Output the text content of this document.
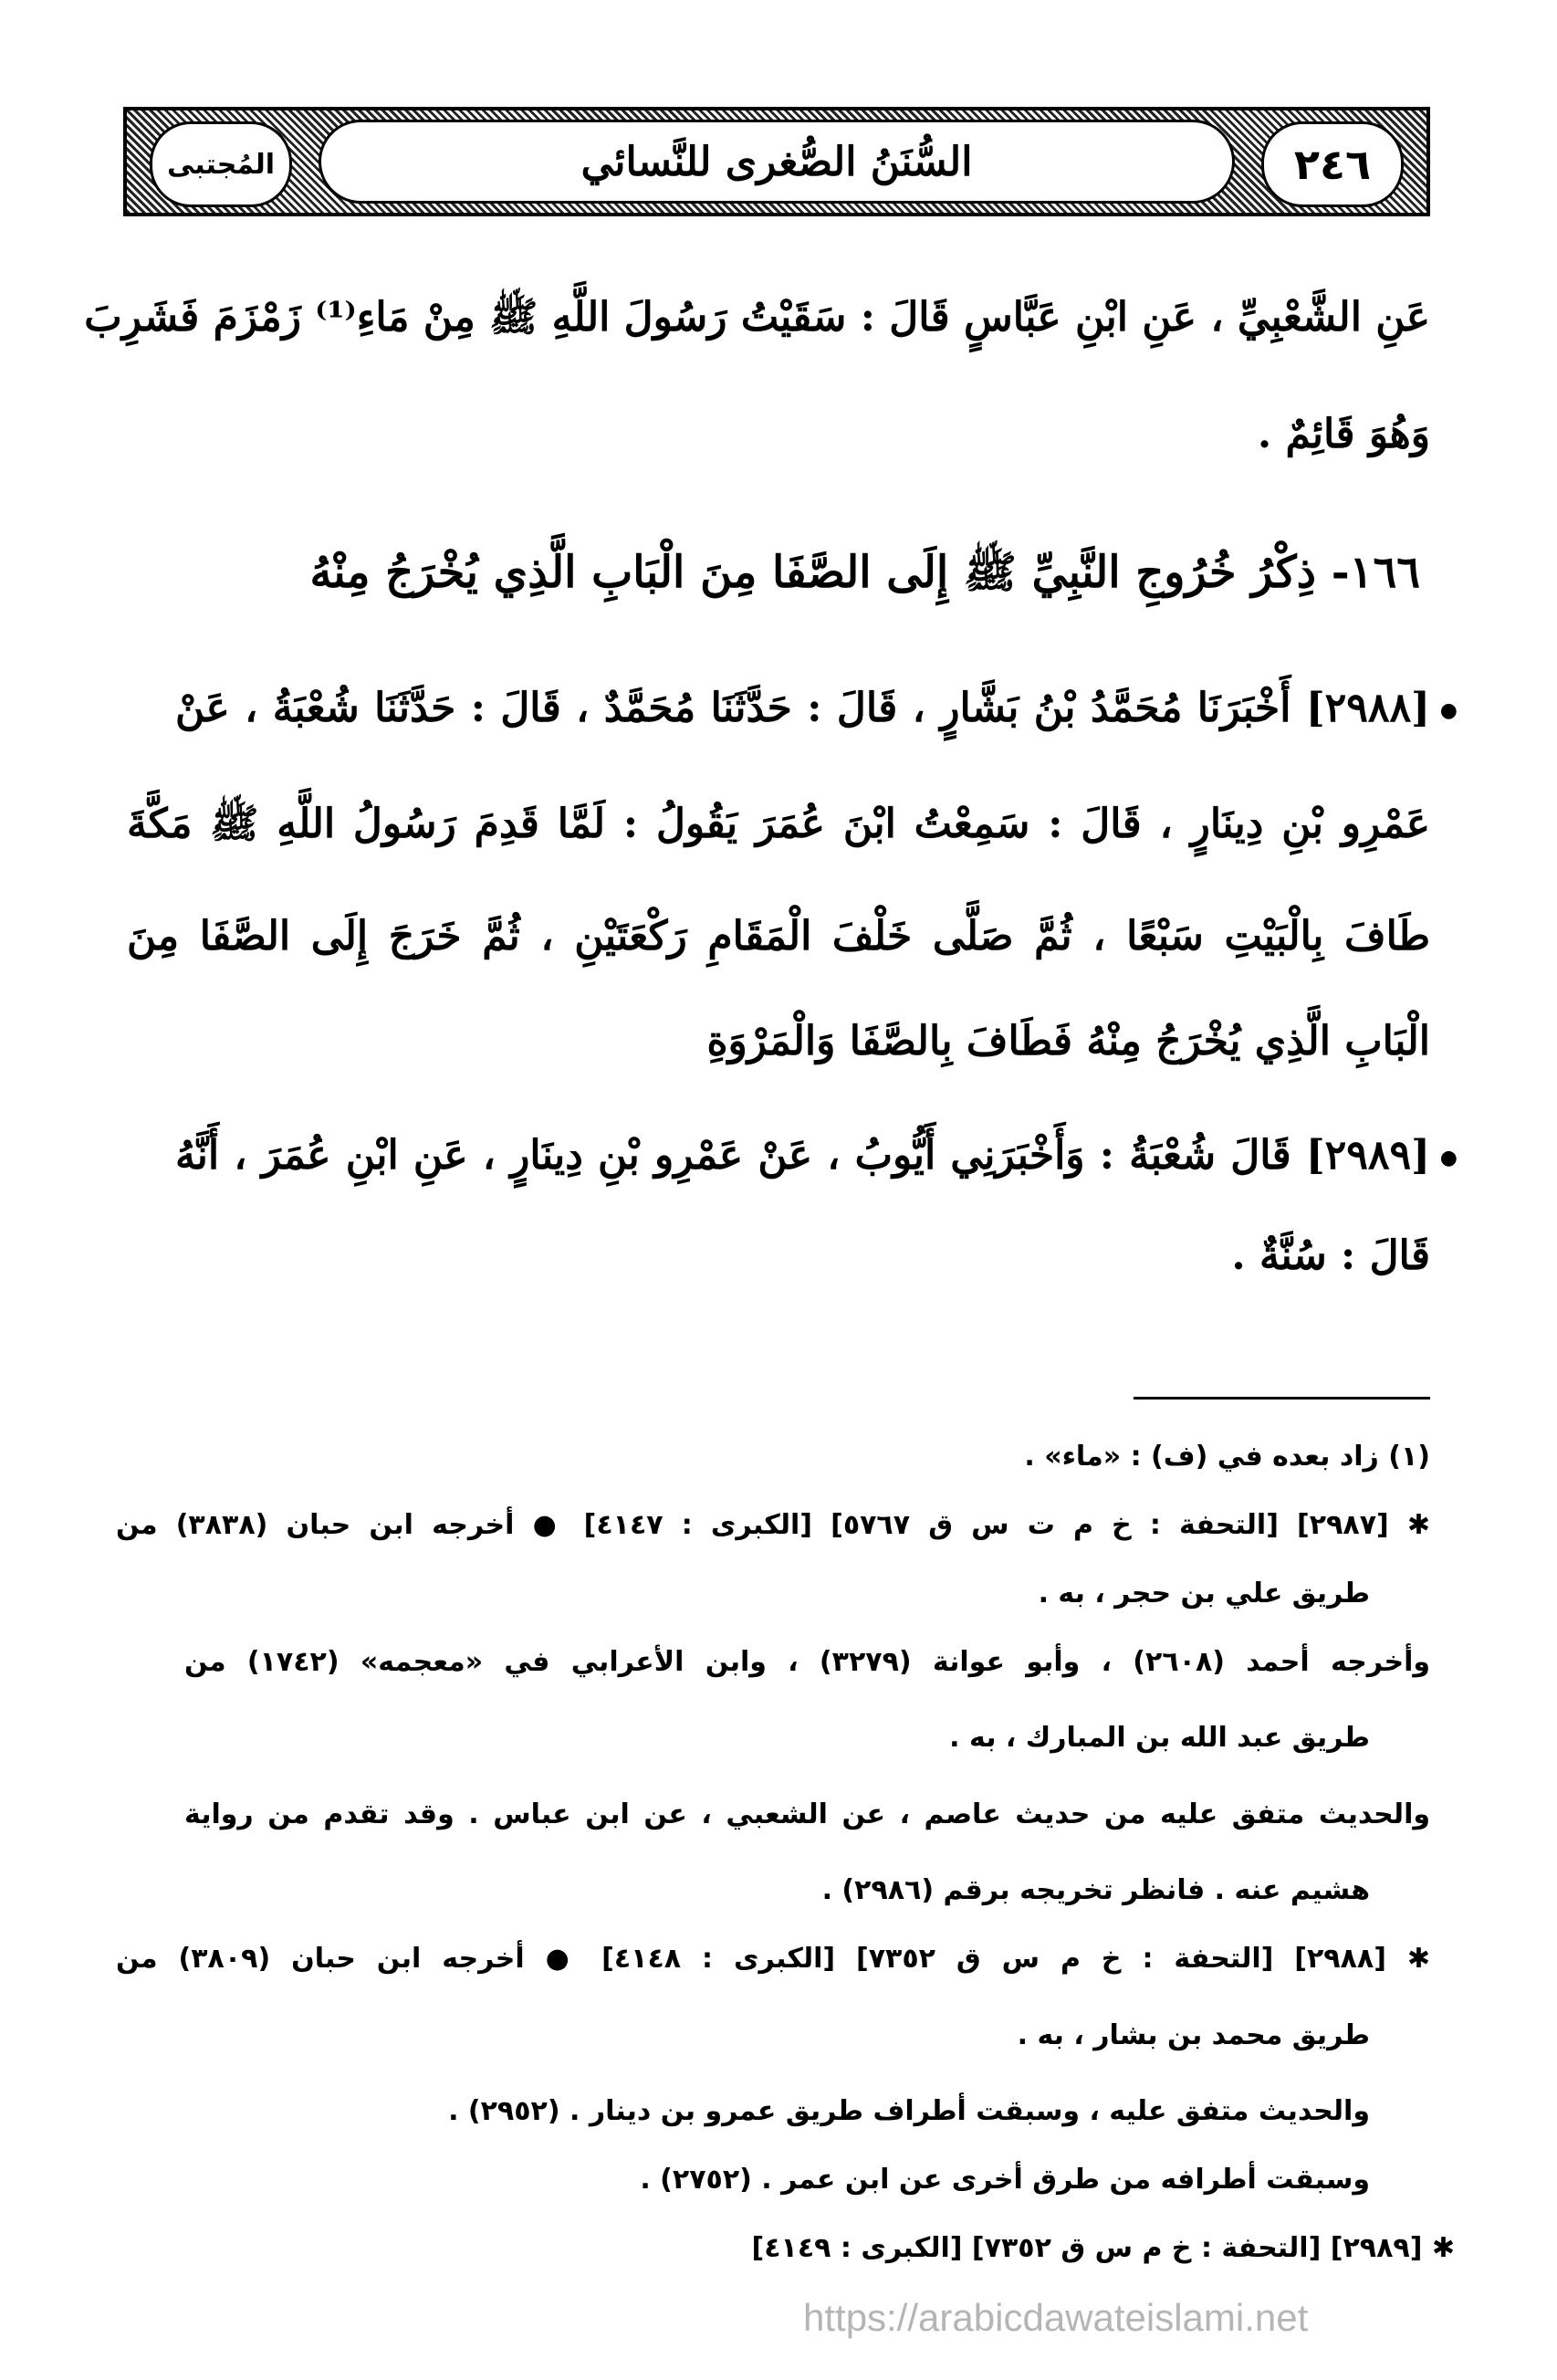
٢٤٦
السُّنَنُ الصُّغرى للنَّسائي
المُجتبى
عَنِ الشَّعْبِيِّ ، عَنِ ابْنِ عَبَّاسٍ قَالَ : سَقَيْتُ رَسُولَ اللَّهِ ﷺ مِنْ مَاءِ⁽¹⁾ زَمْزَمَ فَشَرِبَ
وَهُوَ قَائِمٌ .
١٦٦- ذِكْرُ خُرُوجِ النَّبِيِّ ﷺ إِلَى الصَّفَا مِنَ الْبَابِ الَّذِي يُخْرَجُ مِنْهُ
●
[٢٩٨٨] أَخْبَرَنَا مُحَمَّدُ بْنُ بَشَّارٍ ، قَالَ : حَدَّثَنَا مُحَمَّدٌ ، قَالَ : حَدَّثَنَا شُعْبَةُ ، عَنْ
عَمْرِو بْنِ دِينَارٍ ، قَالَ : سَمِعْتُ ابْنَ عُمَرَ يَقُولُ : لَمَّا قَدِمَ رَسُولُ اللَّهِ ﷺ مَكَّةَ
طَافَ بِالْبَيْتِ سَبْعًا ، ثُمَّ صَلَّى خَلْفَ الْمَقَامِ رَكْعَتَيْنِ ، ثُمَّ خَرَجَ إِلَى الصَّفَا مِنَ
الْبَابِ الَّذِي يُخْرَجُ مِنْهُ فَطَافَ بِالصَّفَا وَالْمَرْوَةِ
●
[٢٩٨٩] قَالَ شُعْبَةُ : وَأَخْبَرَنِي أَيُّوبُ ، عَنْ عَمْرِو بْنِ دِينَارٍ ، عَنِ ابْنِ عُمَرَ ، أَنَّهُ
قَالَ : سُنَّةٌ .
(١) زاد بعده في (ف) : «ماء» .
✱ [٢٩٨٧] [التحفة : خ م ت س ق ٥٧٦٧] [الكبرى : ٤١٤٧] ● أخرجه ابن حبان (٣٨٣٨) من
طريق علي بن حجر ، به .
وأخرجه أحمد (٢٦٠٨) ، وأبو عوانة (٣٢٧٩) ، وابن الأعرابي في «معجمه» (١٧٤٢) من
طريق عبد الله بن المبارك ، به .
والحديث متفق عليه من حديث عاصم ، عن الشعبي ، عن ابن عباس . وقد تقدم من رواية
هشيم عنه . فانظر تخريجه برقم (٢٩٨٦) .
✱ [٢٩٨٨] [التحفة : خ م س ق ٧٣٥٢] [الكبرى : ٤١٤٨] ● أخرجه ابن حبان (٣٨٠٩) من
طريق محمد بن بشار ، به .
والحديث متفق عليه ، وسبقت أطراف طريق عمرو بن دينار . (٢٩٥٢) .
وسبقت أطرافه من طرق أخرى عن ابن عمر . (٢٧٥٢) .
✱ [٢٩٨٩] [التحفة : خ م س ق ٧٣٥٢] [الكبرى : ٤١٤٩]
https://arabicdawateislami.net
